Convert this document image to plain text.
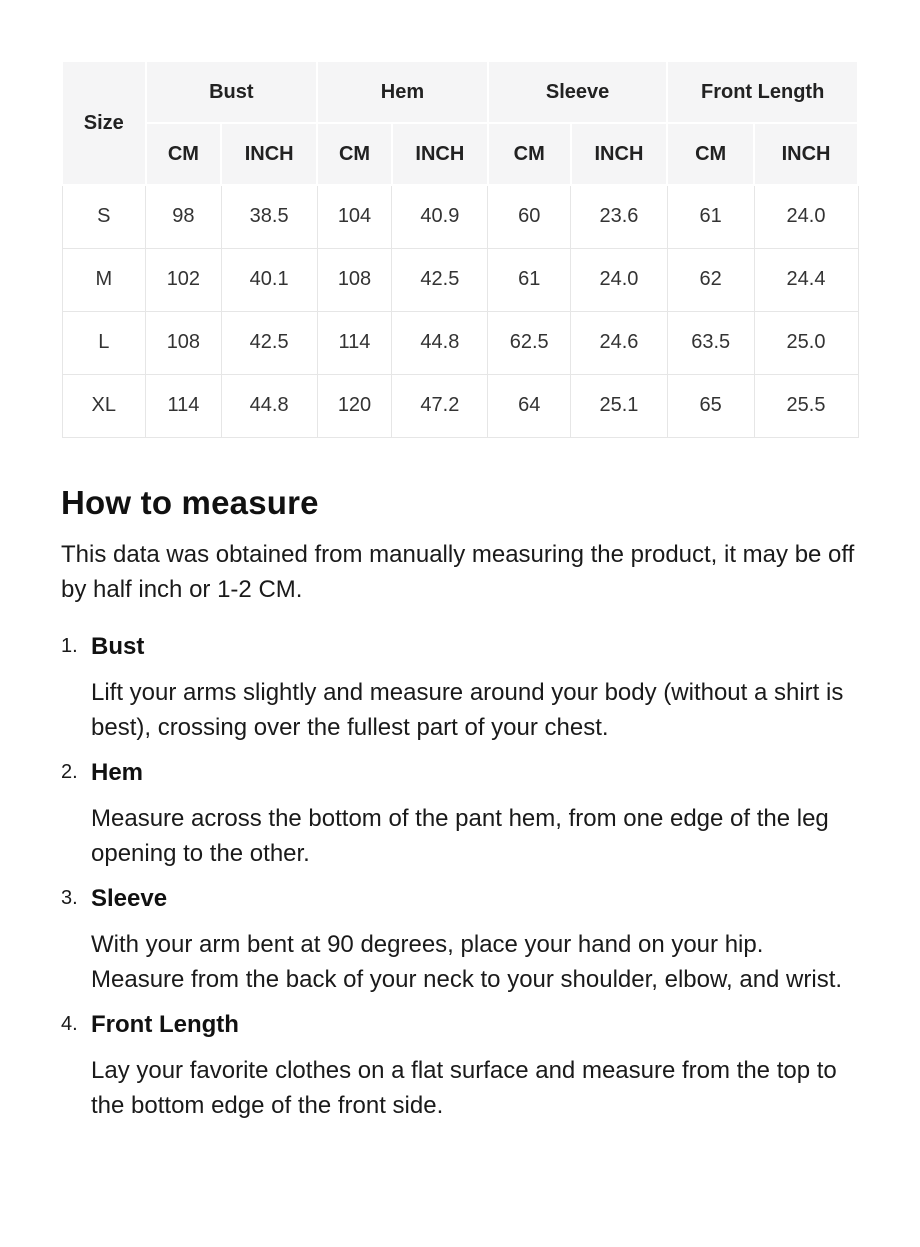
Size	Bust		Hem		Sleeve		Front Length	
	CM	INCH	CM	INCH	CM	INCH	CM	INCH
S	98	38.5	104	40.9	60	23.6	61	24.0
M	102	40.1	108	42.5	61	24.0	62	24.4
L	108	42.5	114	44.8	62.5	24.6	63.5	25.0
XL	114	44.8	120	47.2	64	25.1	65	25.5
How to measure

This data was obtained from manually measuring the product, it may be off by half inch or 1-2 CM.

1. Bust

Lift your arms slightly and measure around your body (without a shirt is best), crossing over the fullest part of your chest.

2. Hem

Measure across the bottom of the pant hem, from one edge of the leg opening to the other.

3. Sleeve

With your arm bent at 90 degrees, place your hand on your hip. Measure from the back of your neck to your shoulder, elbow, and wrist.

4. Front Length

Lay your favorite clothes on a flat surface and measure from the top to the bottom edge of the front side.
